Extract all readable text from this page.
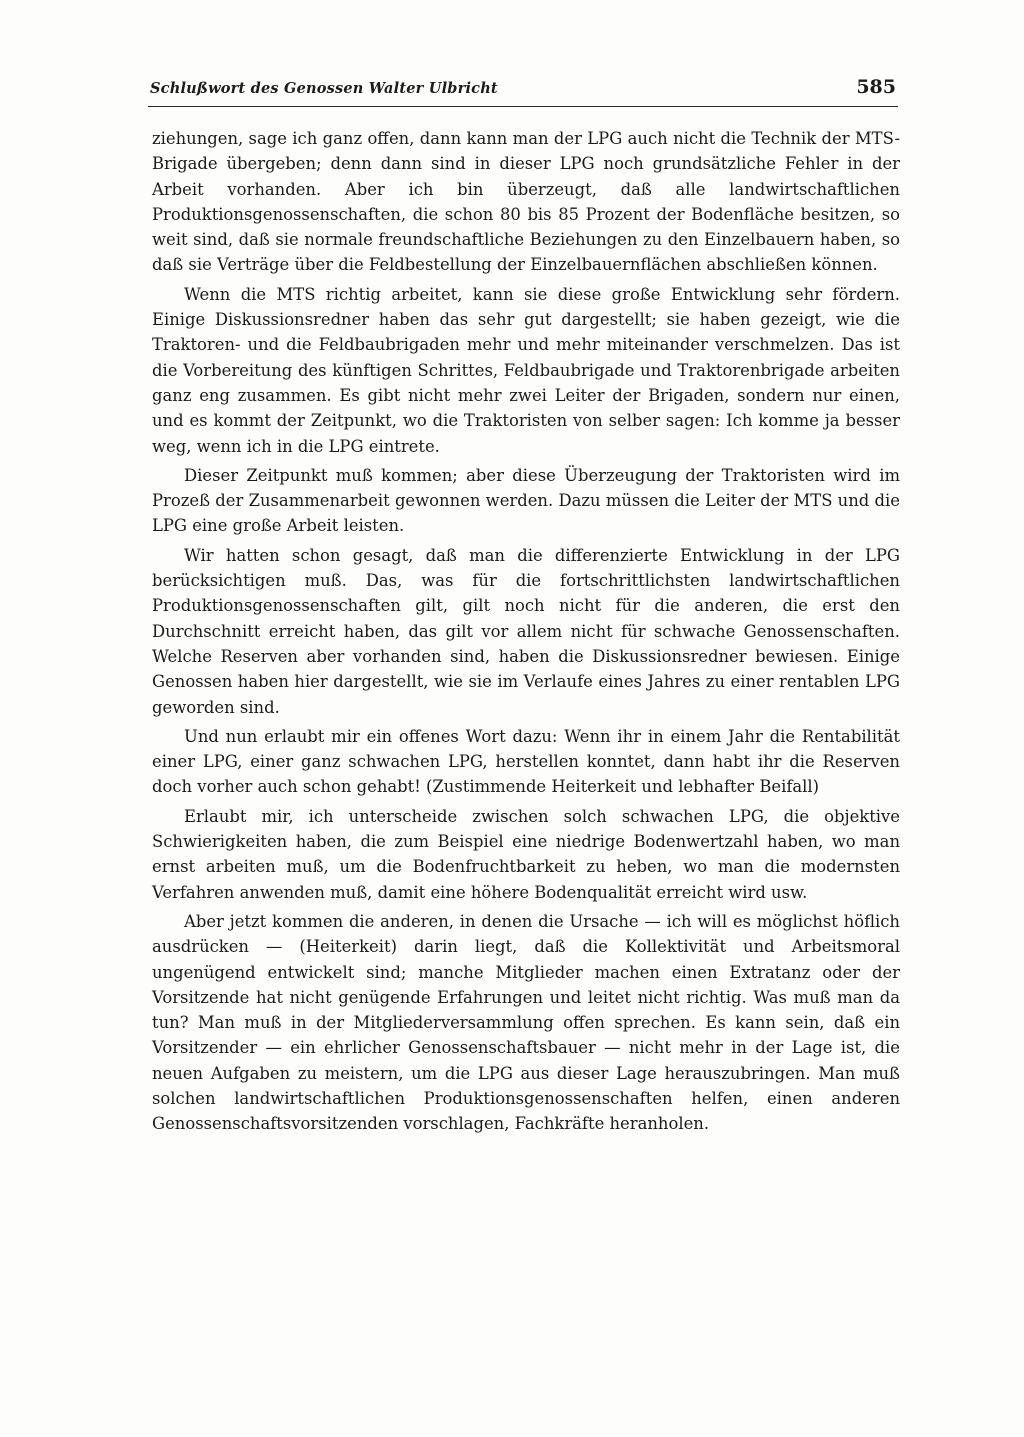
Schlußwort des Genossen Walter Ulbricht	585

ziehungen, sage ich ganz offen, dann kann man der LPG auch nicht die Technik der MTS-Brigade übergeben; denn dann sind in dieser LPG noch grundsätzliche Fehler in der Arbeit vorhanden. Aber ich bin überzeugt, daß alle landwirtschaftlichen Produktionsgenossenschaften, die schon 80 bis 85 Prozent der Bodenfläche besitzen, so weit sind, daß sie normale freundschaftliche Beziehungen zu den Einzelbauern haben, so daß sie Verträge über die Feldbestellung der Einzelbauernflächen abschließen können.

Wenn die MTS richtig arbeitet, kann sie diese große Entwicklung sehr fördern. Einige Diskussionsredner haben das sehr gut dargestellt; sie haben gezeigt, wie die Traktoren- und die Feldbaubrigaden mehr und mehr miteinander verschmelzen. Das ist die Vorbereitung des künftigen Schrittes, Feldbaubrigade und Traktorenbrigade arbeiten ganz eng zusammen. Es gibt nicht mehr zwei Leiter der Brigaden, sondern nur einen, und es kommt der Zeitpunkt, wo die Traktoristen von selber sagen: Ich komme ja besser weg, wenn ich in die LPG eintrete.

Dieser Zeitpunkt muß kommen; aber diese Überzeugung der Traktoristen wird im Prozeß der Zusammenarbeit gewonnen werden. Dazu müssen die Leiter der MTS und die LPG eine große Arbeit leisten.

Wir hatten schon gesagt, daß man die differenzierte Entwicklung in der LPG berücksichtigen muß. Das, was für die fortschrittlichsten landwirtschaftlichen Produktionsgenossenschaften gilt, gilt noch nicht für die anderen, die erst den Durchschnitt erreicht haben, das gilt vor allem nicht für schwache Genossenschaften. Welche Reserven aber vorhanden sind, haben die Diskussionsredner bewiesen. Einige Genossen haben hier dargestellt, wie sie im Verlaufe eines Jahres zu einer rentablen LPG geworden sind.

Und nun erlaubt mir ein offenes Wort dazu: Wenn ihr in einem Jahr die Rentabilität einer LPG, einer ganz schwachen LPG, herstellen konntet, dann habt ihr die Reserven doch vorher auch schon gehabt! (Zustimmende Heiterkeit und lebhafter Beifall)

Erlaubt mir, ich unterscheide zwischen solch schwachen LPG, die objektive Schwierigkeiten haben, die zum Beispiel eine niedrige Bodenwertzahl haben, wo man ernst arbeiten muß, um die Bodenfruchtbarkeit zu heben, wo man die modernsten Verfahren anwenden muß, damit eine höhere Bodenqualität erreicht wird usw.

Aber jetzt kommen die anderen, in denen die Ursache — ich will es möglichst höflich ausdrücken — (Heiterkeit) darin liegt, daß die Kollektivität und Arbeitsmoral ungenügend entwickelt sind; manche Mitglieder machen einen Extratanz oder der Vorsitzende hat nicht genügende Erfahrungen und leitet nicht richtig. Was muß man da tun? Man muß in der Mitgliederversammlung offen sprechen. Es kann sein, daß ein Vorsitzender — ein ehrlicher Genossenschaftsbauer — nicht mehr in der Lage ist, die neuen Aufgaben zu meistern, um die LPG aus dieser Lage herauszubringen. Man muß solchen landwirtschaftlichen Produktionsgenossenschaften helfen, einen anderen Genossenschaftsvorsitzenden vorschlagen, Fachkräfte heranholen.
